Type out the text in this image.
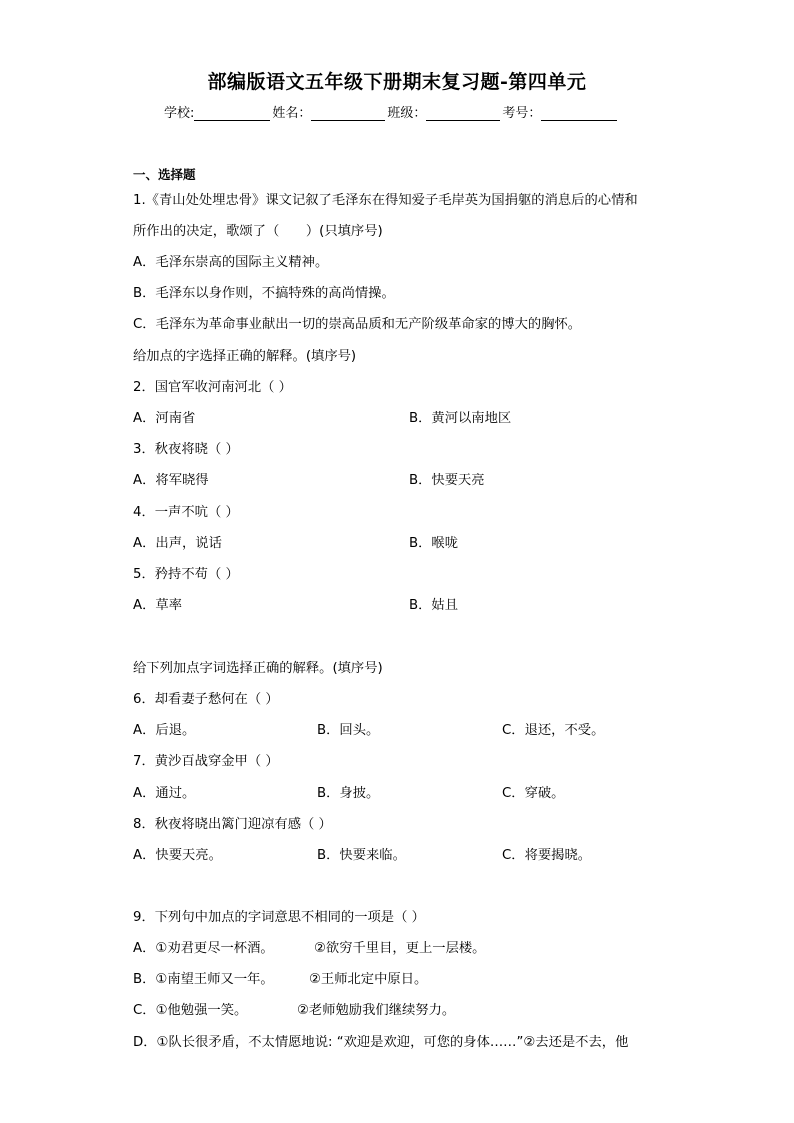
部编版语文五年级下册期末复习题-第四单元
学校:	姓名：	班级：	考号：
一、选择题
1.《青山处处埋忠骨》课文记叙了毛泽东在得知爱子毛岸英为国捐躯的消息后的心情和
所作出的决定，歌颂了（　　）(只填序号)
A．毛泽东崇高的国际主义精神。
B．毛泽东以身作则，不搞特殊的高尚情操。
C．毛泽东为革命事业献出一切的崇高品质和无产阶级革命家的博大的胸怀。
给加点的字选择正确的解释。(填序号)
2．国官军收河南河北（ ）
A．河南省	B．黄河以南地区
3．秋夜将晓（ ）
A．将军晓得	B．快要天亮
4．一声不吭（ ）
A．出声，说话	B．喉咙
5．矜持不苟（ ）
A．草率	B．姑且
给下列加点字词选择正确的解释。(填序号)
6．却看妻子愁何在（ ）
A．后退。	B．回头。	C．退还，不受。
7．黄沙百战穿金甲（ ）
A．通过。	B．身披。	C．穿破。
8．秋夜将晓出篱门迎凉有感（ ）
A．快要天亮。	B．快要来临。	C．将要揭晓。
9．下列句中加点的字词意思不相同的一项是（ ）
A．①劝君更尽一杯酒。	②欲穷千里目，更上一层楼。
B．①南望王师又一年。	②王师北定中原日。
C．①他勉强一笑。	②老师勉励我们继续努力。
D．①队长很矛盾，不太情愿地说: “欢迎是欢迎，可您的身体……”②去还是不去，他
